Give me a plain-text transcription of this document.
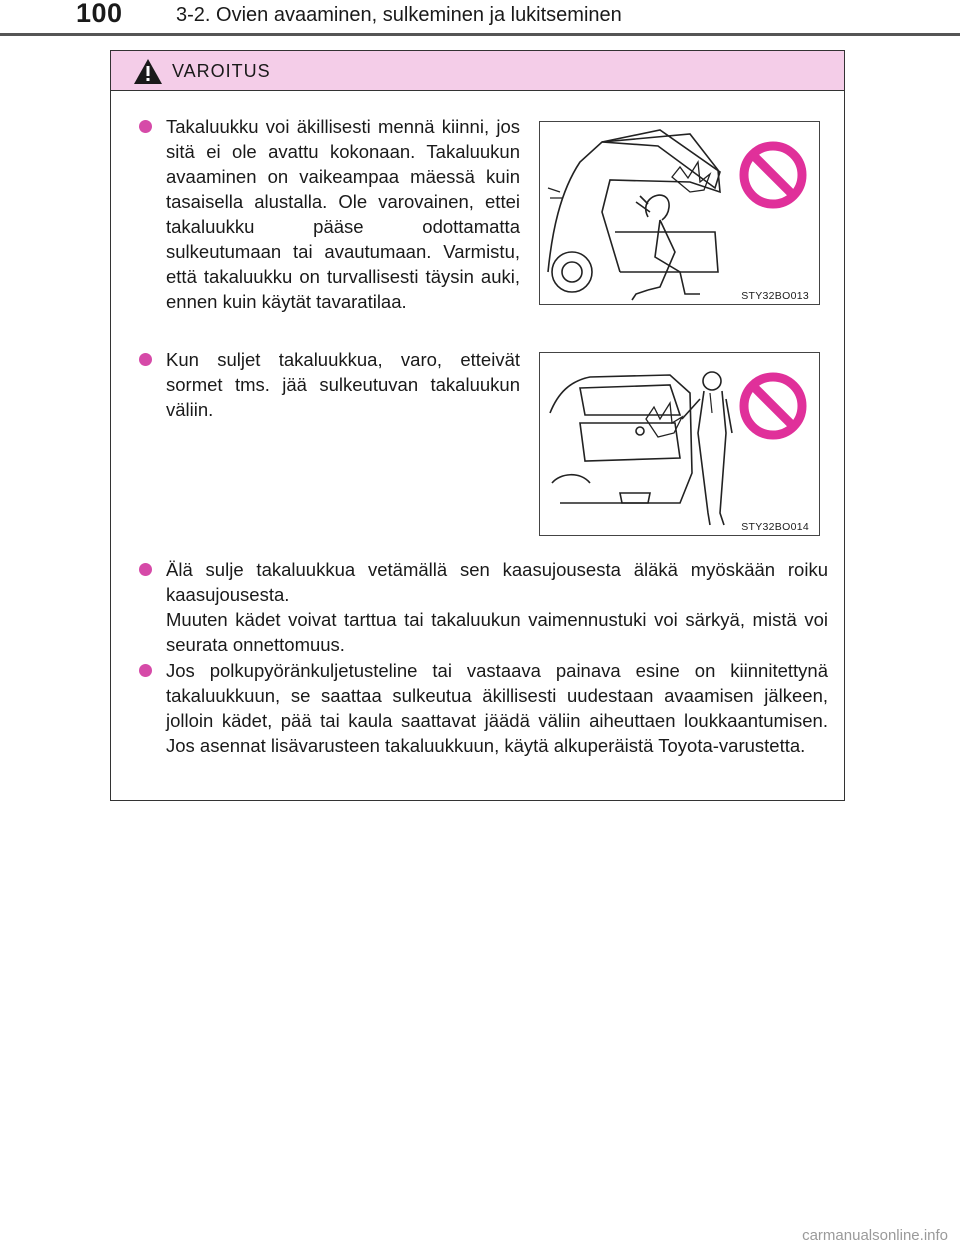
100	3-2. Ovien avaaminen, sulkeminen ja lukitseminen
VAROITUS

Takaluukku voi äkillisesti mennä kiinni, jos sitä ei ole avattu kokonaan. Takaluukun avaaminen on vaikeampaa mäessä kuin tasaisella alustalla. Ole varovainen, ettei takaluukku pääse odottamatta sulkeutumaan tai avautumaan. Varmistu, että takaluukku on turvallisesti täysin auki, ennen kuin käytät tavaratilaa.	STY32BO013

Kun suljet takaluukkua, varo, etteivät sormet tms. jää sulkeutuvan takaluukun väliin.

STY32BO014

Älä sulje takaluukkua vetämällä sen kaasujousesta äläkä myöskään roiku kaasujousesta.

Muuten kädet voivat tarttua tai takaluukun vaimennustuki voi särkyä, mistä voi seurata onnettomuus.

Jos polkupyöränkuljetusteline tai vastaava painava esine on kiinnitettynä takaluukkuun, se saattaa sulkeutua äkillisesti uudestaan avaamisen jälkeen, jolloin kädet, pää tai kaula saattavat jäädä väliin aiheuttaen loukkaantumisen. Jos asennat lisävarusteen takaluukkuun, käytä alkuperäistä Toyota-varustetta.

carmanualsonline.info
